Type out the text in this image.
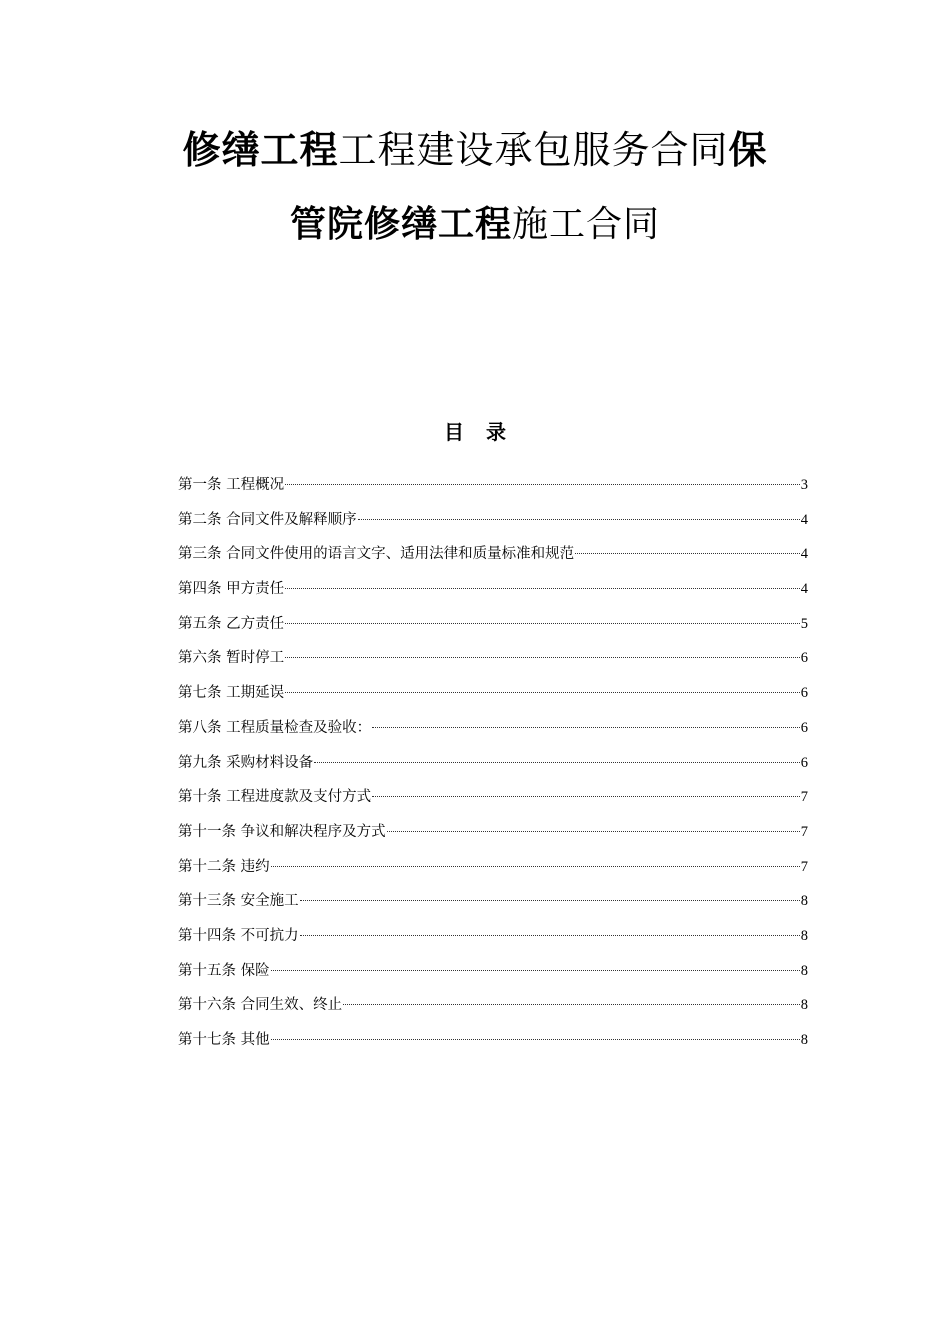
修缮工程工程建设承包服务合同保
管院修缮工程施工合同
目录
第一条 工程概况	3
第二条 合同文件及解释顺序	4
第三条 合同文件使用的语言文字、适用法律和质量标准和规范	4
第四条 甲方责任	4
第五条 乙方责任	5
第六条 暂时停工	6
第七条 工期延误	6
第八条 工程质量检查及验收：	6
第九条 采购材料设备	6
第十条 工程进度款及支付方式	7
第十一条 争议和解决程序及方式	7
第十二条 违约	7
第十三条 安全施工	8
第十四条 不可抗力	8
第十五条 保险	8
第十六条 合同生效、终止	8
第十七条 其他	8
